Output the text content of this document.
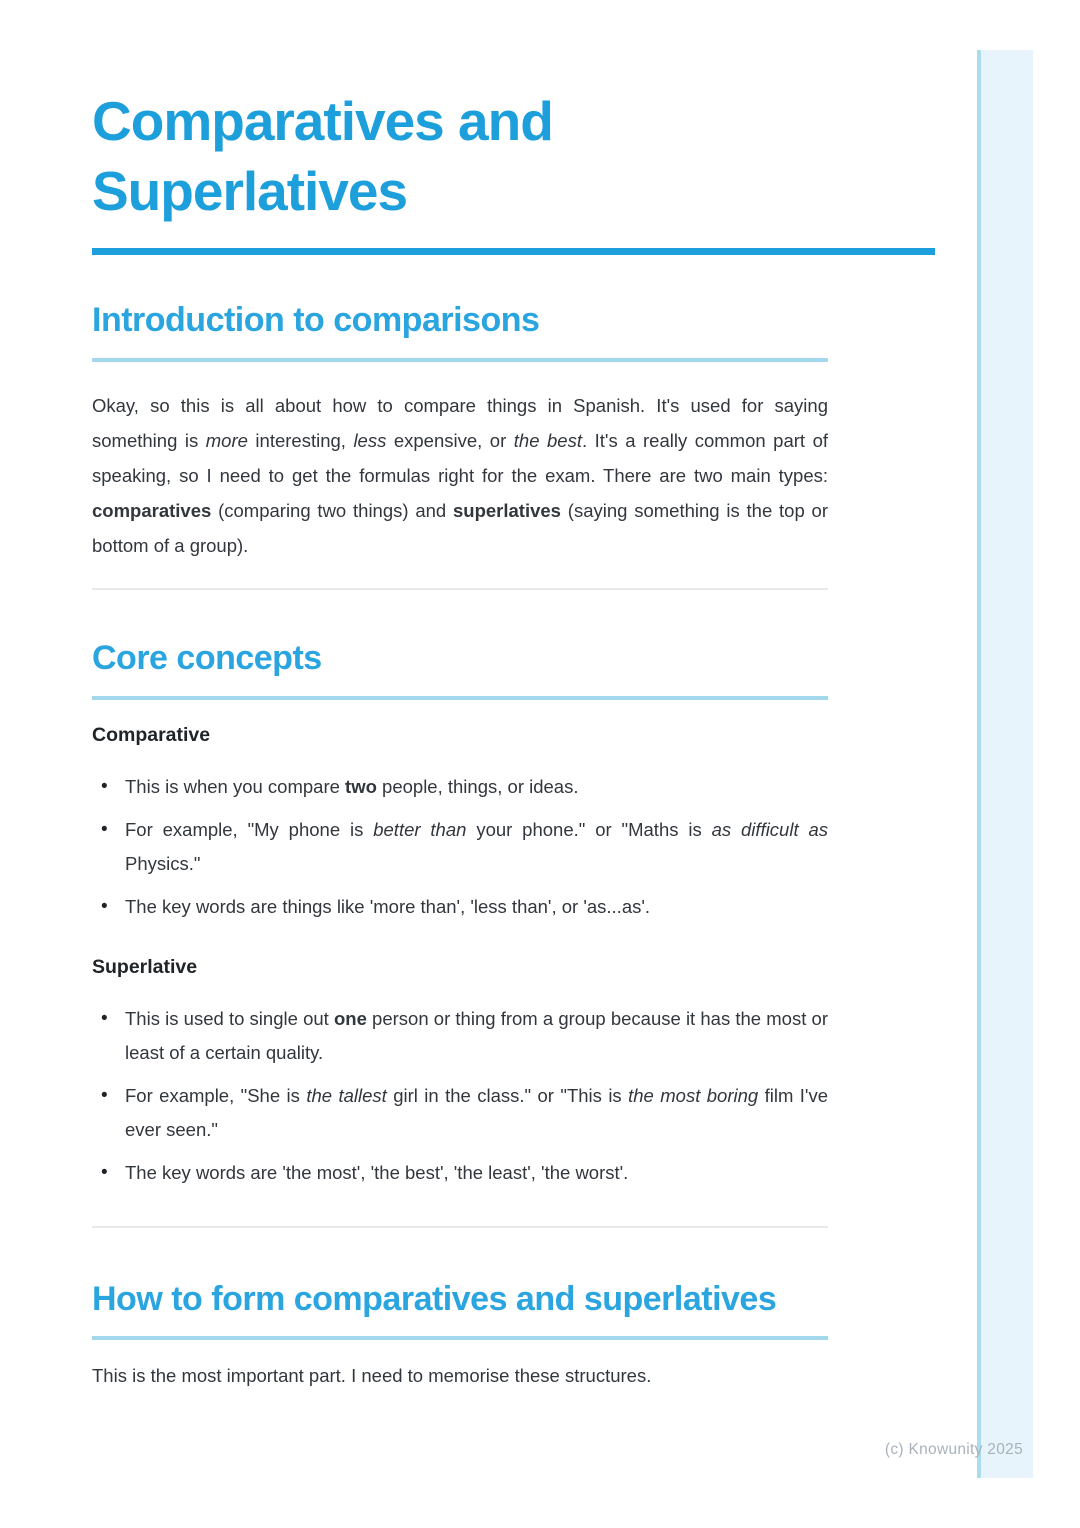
Comparatives and Superlatives
Introduction to comparisons

Okay, so this is all about how to compare things in Spanish. It's used for saying something is more interesting, less expensive, or the best. It's a really common part of speaking, so I need to get the formulas right for the exam. There are two main types: comparatives (comparing two things) and superlatives (saying something is the top or bottom of a group).

Core concepts
Comparative
• This is when you compare two people, things, or ideas.
• For example, "My phone is better than your phone." or "Maths is as difficult as Physics."
• The key words are things like 'more than', 'less than', or 'as...as'.
Superlative
• This is used to single out one person or thing from a group because it has the most or least of a certain quality.
• For example, "She is the tallest girl in the class." or "This is the most boring film I've ever seen."
• The key words are 'the most', 'the best', 'the least', 'the worst'.
How to form comparatives and superlatives

This is the most important part. I need to memorise these structures.

(c) Knowunity 2025
